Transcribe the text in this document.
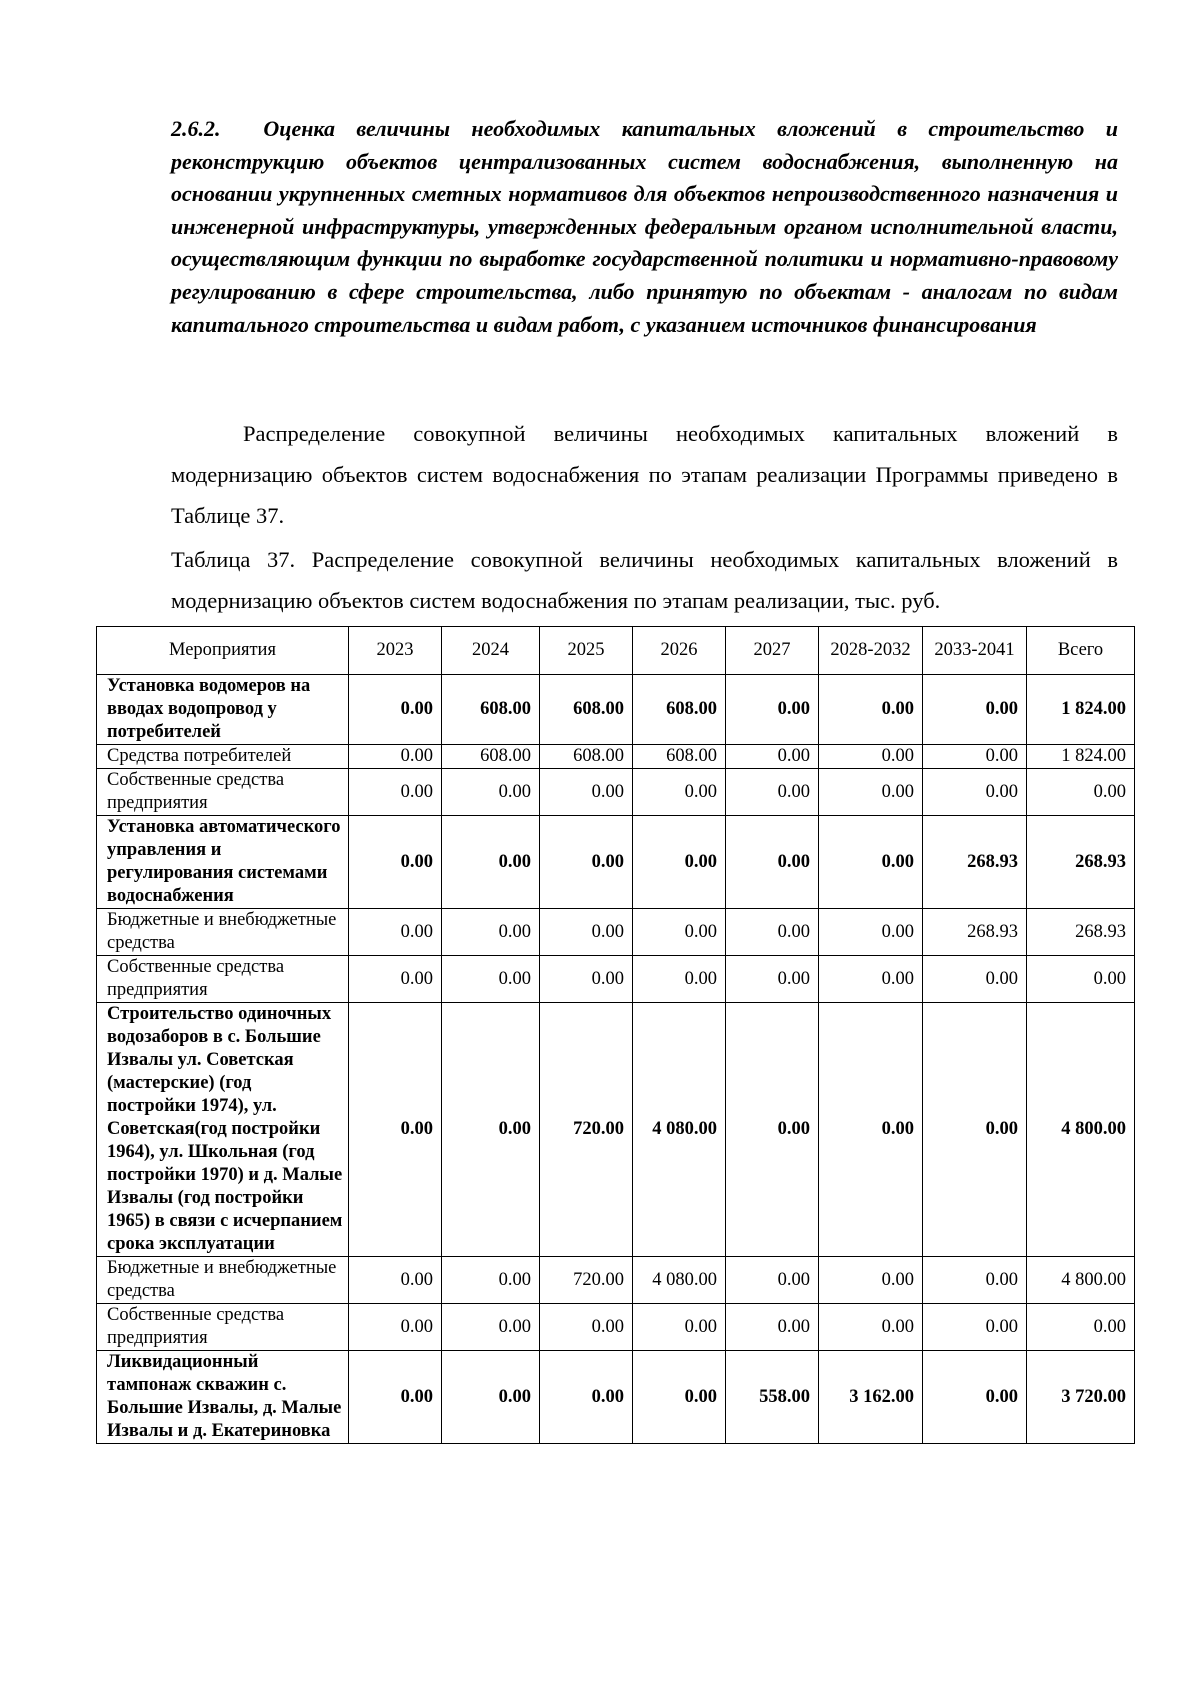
2.6.2.  Оценка величины необходимых капитальных вложений в строительство и реконструкцию объектов централизованных систем водоснабжения, выполненную на основании укрупненных сметных нормативов для объектов непроизводственного назначения и инженерной инфраструктуры, утвержденных федеральным органом исполнительной власти, осуществляющим функции по выработке государственной политики и нормативно-правовому регулированию в сфере строительства, либо принятую по объектам - аналогам по видам капитального строительства и видам работ, с указанием источников финансирования
Распределение совокупной величины необходимых капитальных вложений в модернизацию объектов систем водоснабжения по этапам реализации Программы приведено в Таблице 37.
Таблица 37. Распределение совокупной величины необходимых капитальных вложений в модернизацию объектов систем водоснабжения по этапам реализации, тыс. руб.
Мероприятия	2023	2024	2025	2026	2027	2028-2032	2033-2041	Всего
Установка водомеров на вводах водопровод у потребителей	0.00	608.00	608.00	608.00	0.00	0.00	0.00	1 824.00
Средства потребителей	0.00	608.00	608.00	608.00	0.00	0.00	0.00	1 824.00
Собственные средства предприятия	0.00	0.00	0.00	0.00	0.00	0.00	0.00	0.00
Установка автоматического управления и регулирования системами водоснабжения	0.00	0.00	0.00	0.00	0.00	0.00	268.93	268.93
Бюджетные и внебюджетные средства	0.00	0.00	0.00	0.00	0.00	0.00	268.93	268.93
Собственные средства предприятия	0.00	0.00	0.00	0.00	0.00	0.00	0.00	0.00
Строительство одиночных водозаборов в с. Большие Извалы ул. Советская (мастерские) (год постройки 1974), ул. Советская(год постройки 1964), ул. Школьная (год постройки 1970) и д. Малые Извалы (год постройки 1965) в связи с исчерпанием срока эксплуатации	0.00	0.00	720.00	4 080.00	0.00	0.00	0.00	4 800.00
Бюджетные и внебюджетные средства	0.00	0.00	720.00	4 080.00	0.00	0.00	0.00	4 800.00
Собственные средства предприятия	0.00	0.00	0.00	0.00	0.00	0.00	0.00	0.00
Ликвидационный тампонаж скважин с. Большие Извалы, д. Малые Извалы и д. Екатериновка	0.00	0.00	0.00	0.00	558.00	3 162.00	0.00	3 720.00
